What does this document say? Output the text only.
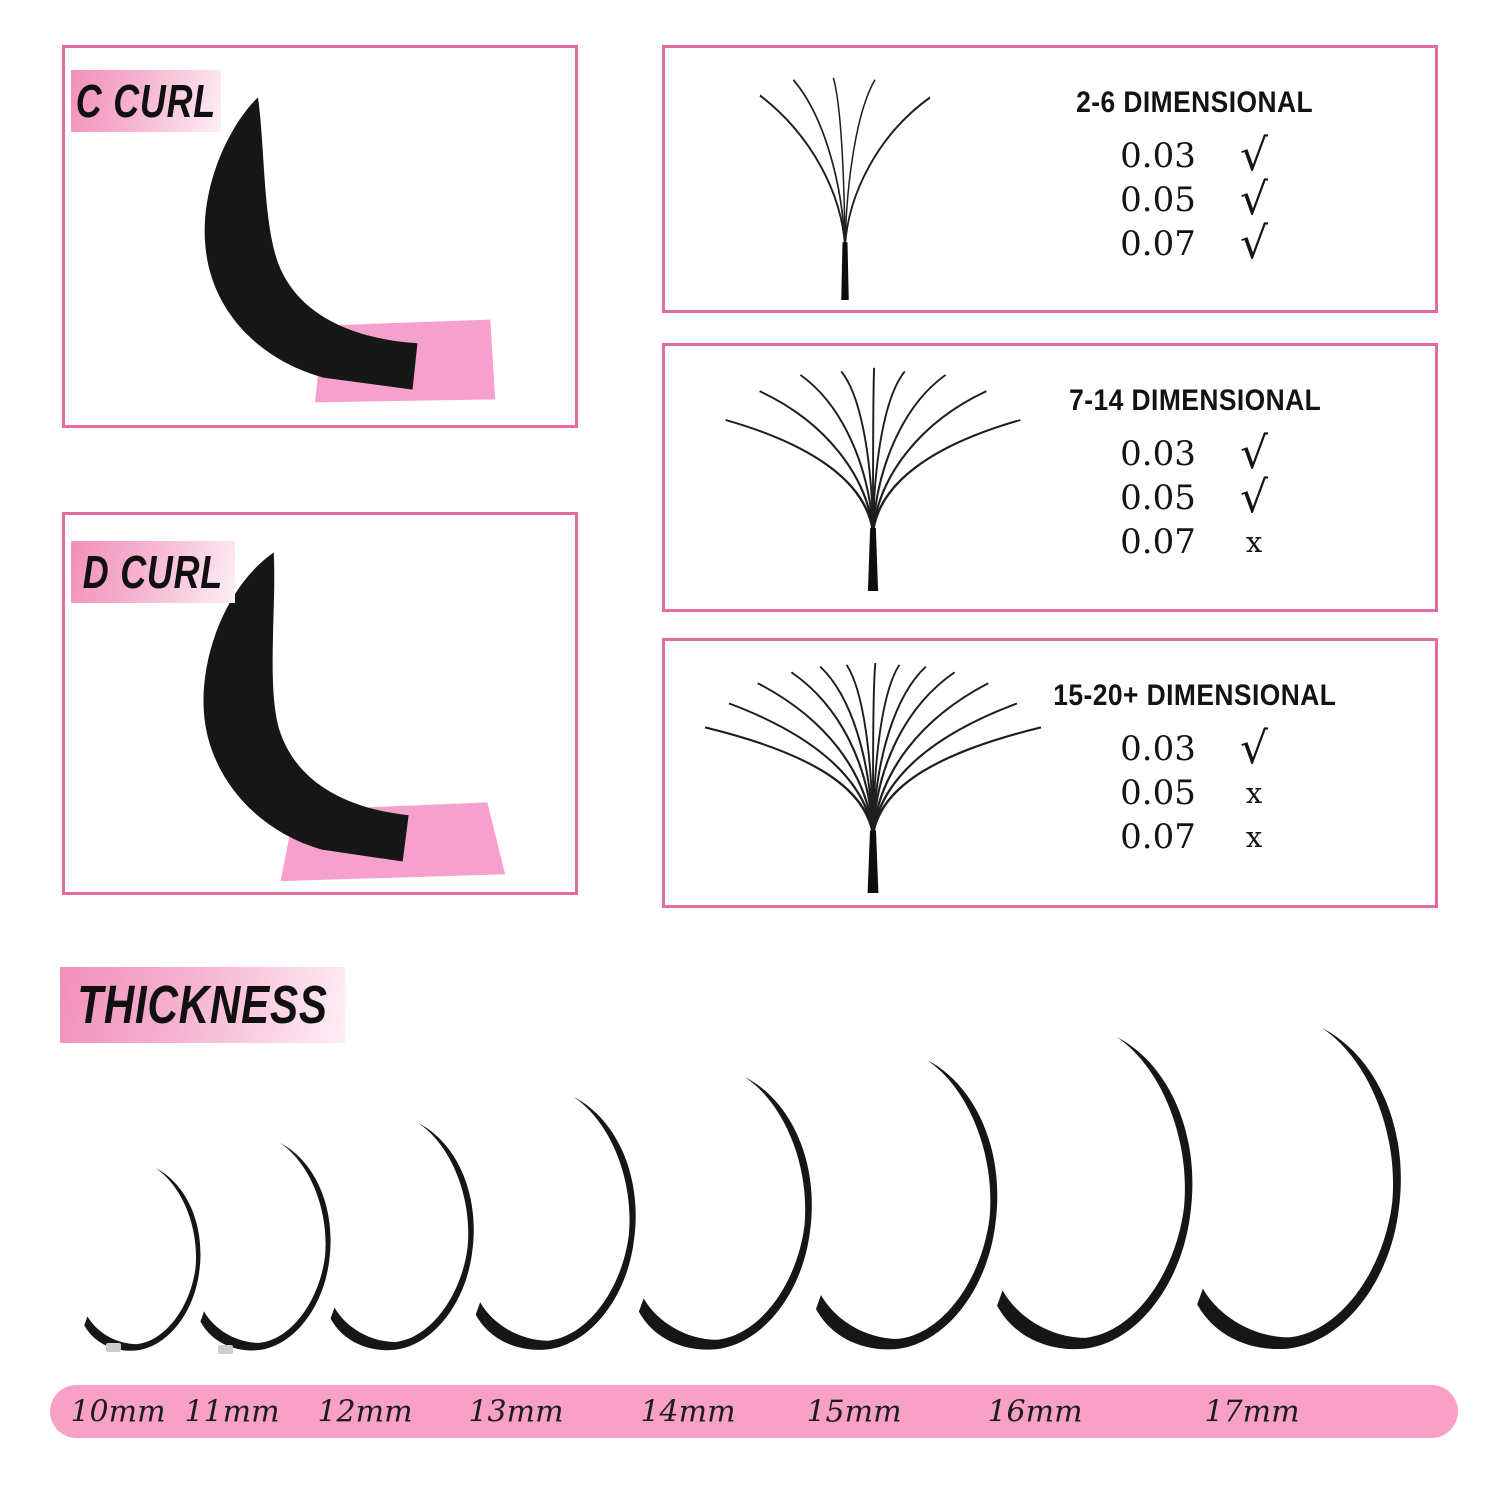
C CURL
D CURL
2-6 DIMENSIONAL
0.03	√
0.05	√
0.07	√
7-14 DIMENSIONAL
0.03	√
0.05	√
0.07	x
15-20+ DIMENSIONAL
0.03	√
0.05	x
0.07	x
THICKNESS
10mm 11mm 12mm 13mm	14mm 15mm	16mm	17mm
